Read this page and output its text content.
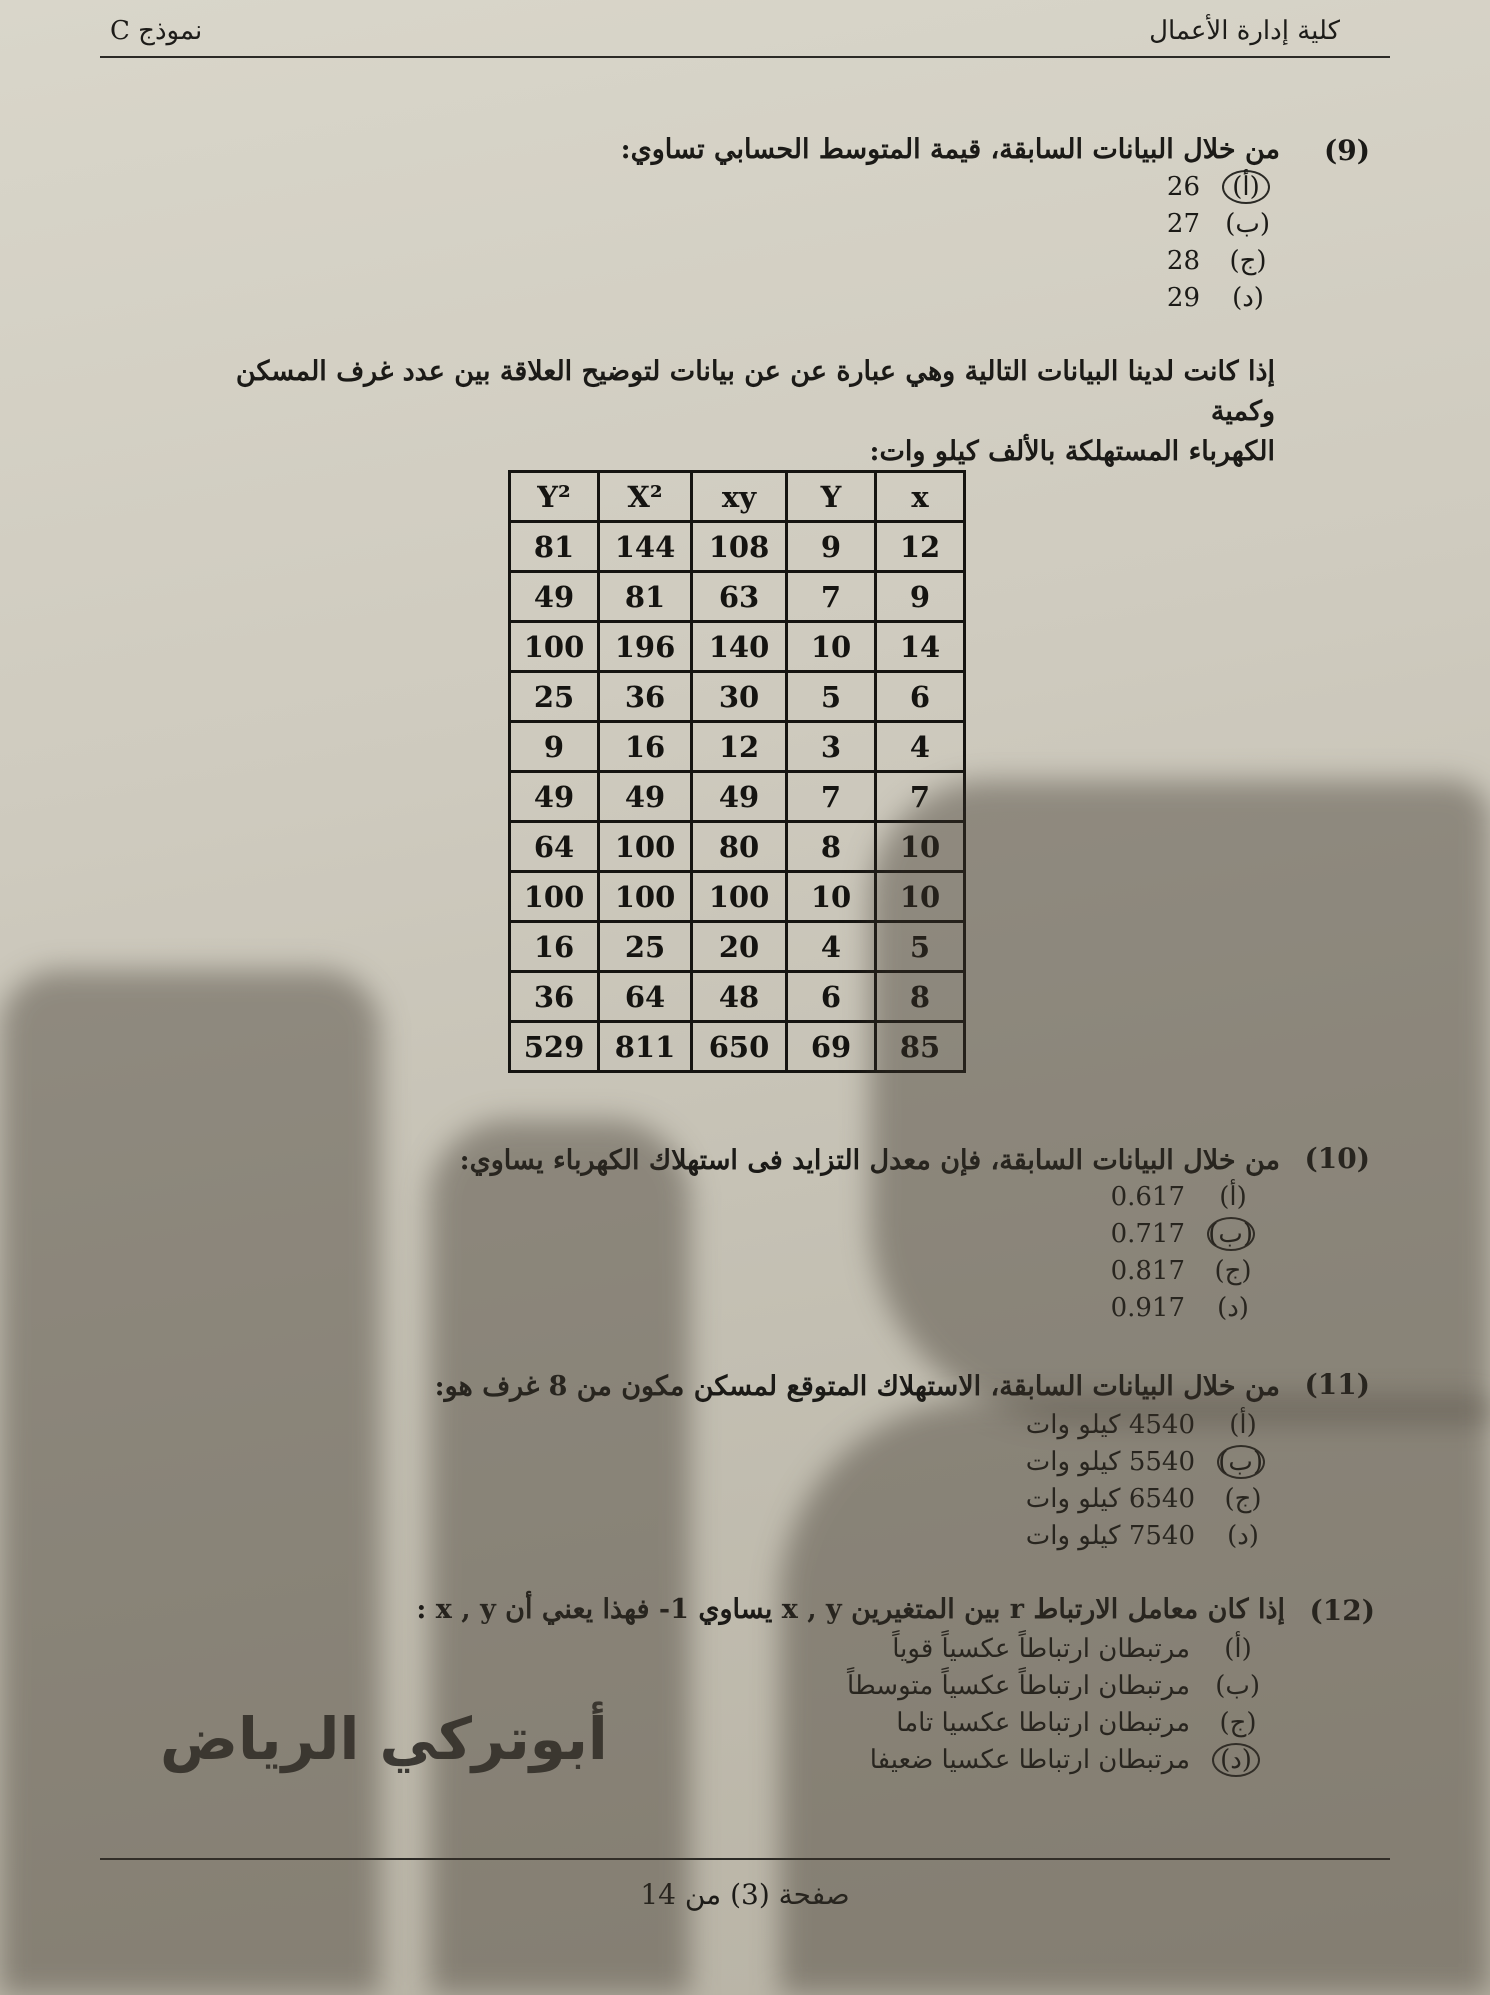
كلية إدارة الأعمال
نموذج C
(9)
من خلال البيانات السابقة، قيمة المتوسط الحسابي تساوي:
(أ)
26
(ب)
27
(ج)
28
(د)
29
إذا كانت لدينا البيانات التالية وهي عبارة عن عن بيانات لتوضيح العلاقة بين عدد غرف المسكن وكمية
الكهرباء المستهلكة بالألف كيلو وات:
Y²	X²	xy	Y	x
81	144	108	9	12
49	81	63	7	9
100	196	140	10	14
25	36	30	5	6
9	16	12	3	4
49	49	49	7	7
64	100	80	8	10
100	100	100	10	10
16	25	20	4	5
36	64	48	6	8
529	811	650	69	85
(10)
من خلال البيانات السابقة، فإن معدل التزايد فى استهلاك الكهرباء يساوي:
(أ)
0.617
(ب)
0.717
(ج)
0.817
(د)
0.917
(11)
من خلال البيانات السابقة، الاستهلاك المتوقع لمسكن مكون من 8 غرف هو:
(أ)
4540 كيلو وات
(ب)
5540 كيلو وات
(ج)
6540 كيلو وات
(د)
7540 كيلو وات
(12)
إذا كان معامل الارتباط r بين المتغيرين x , y يساوي 1- فهذا يعني أن x , y :
(أ)
مرتبطان ارتباطاً عكسياً قوياً
(ب)
مرتبطان ارتباطاً عكسياً متوسطاً
(ج)
مرتبطان ارتباطا عكسيا تاما
(د)
مرتبطان ارتباطا عكسيا ضعيفا
أبوتركي الرياض
صفحة (3) من 14
